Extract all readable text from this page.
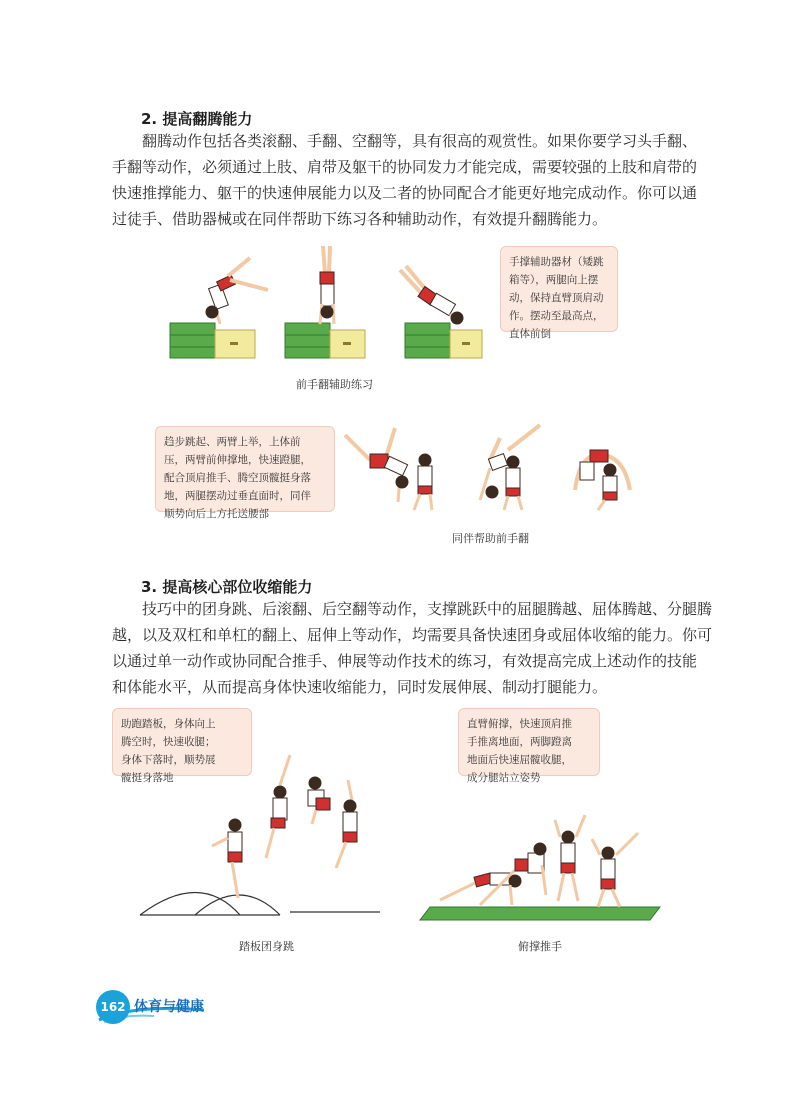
2. 提高翻腾能力
翻腾动作包括各类滚翻、手翻、空翻等，具有很高的观赏性。如果你要学习头手翻、
手翻等动作，必须通过上肢、肩带及躯干的协同发力才能完成，需要较强的上肢和肩带的
快速推撑能力、躯干的快速伸展能力以及二者的协同配合才能更好地完成动作。你可以通
过徒手、借助器械或在同伴帮助下练习各种辅助动作，有效提升翻腾能力。
手撑辅助器材（矮跳
箱等），两腿向上摆
动，保持直臂顶肩动
作。摆动至最高点，
直体前倒
前手翻辅助练习
趋步跳起、两臂上举，上体前
压，两臂前伸撑地，快速蹬腿，
配合顶肩推手、腾空顶髋挺身落
地，两腿摆动过垂直面时，同伴
顺势向后上方托送腰部
同伴帮助前手翻
3. 提高核心部位收缩能力
技巧中的团身跳、后滚翻、后空翻等动作，支撑跳跃中的屈腿腾越、屈体腾越、分腿腾
越，以及双杠和单杠的翻上、屈伸上等动作，均需要具备快速团身或屈体收缩的能力。你可
以通过单一动作或协同配合推手、伸展等动作技术的练习，有效提高完成上述动作的技能
和体能水平，从而提高身体快速收缩能力，同时发展伸展、制动打腿能力。
助跑踏板，身体向上
腾空时，快速收腿；
身体下落时，顺势展
髋挺身落地
踏板团身跳
直臂俯撑，快速顶肩推
手推离地面，两脚蹬离
地面后快速屈髋收腿，
成分腿站立姿势
俯撑推手
162 体育与健康
